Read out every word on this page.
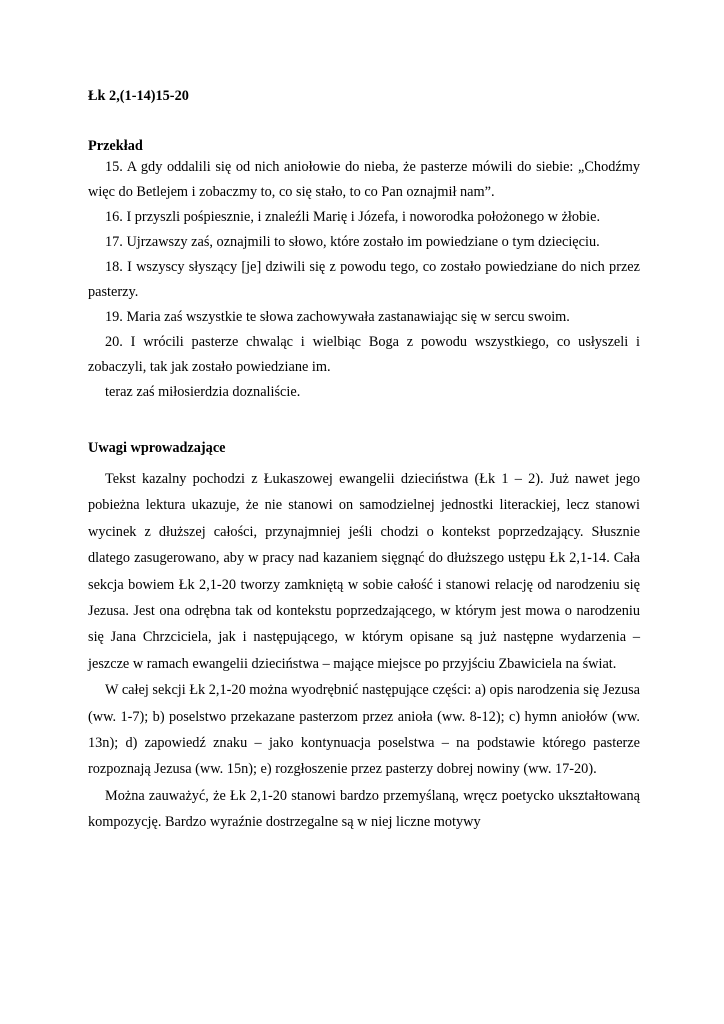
Łk 2,(1-14)15-20
Przekład

15. A gdy oddalili się od nich aniołowie do nieba, że pasterze mówili do siebie: „Chodźmy więc do Betlejem i zobaczmy to, co się stało, to co Pan oznajmił nam”.

16. I przyszli pośpiesznie, i znaleźli Marię i Józefa, i noworodka położonego w żłobie.

17. Ujrzawszy zaś, oznajmili to słowo, które zostało im powiedziane o tym dziecięciu.

18. I wszyscy słyszący [je] dziwili się z powodu tego, co zostało powiedziane do nich przez pasterzy.

19. Maria zaś wszystkie te słowa zachowywała zastanawiając się w sercu swoim.

20. I wrócili pasterze chwaląc i wielbiąc Boga z powodu wszystkiego, co usłyszeli i zobaczyli, tak jak zostało powiedziane im.

teraz zaś miłosierdzia doznaliście.

Uwagi wprowadzające

Tekst kazalny pochodzi z Łukaszowej ewangelii dzieciństwa (Łk 1 – 2). Już nawet jego pobieżna lektura ukazuje, że nie stanowi on samodzielnej jednostki literackiej, lecz stanowi wycinek z dłuższej całości, przynajmniej jeśli chodzi o kontekst poprzedzający. Słusznie dlatego zasugerowano, aby w pracy nad kazaniem sięgnąć do dłuższego ustępu Łk 2,1-14. Cała sekcja bowiem Łk 2,1-20 tworzy zamkniętą w sobie całość i stanowi relację od narodzeniu się Jezusa. Jest ona odrębna tak od kontekstu poprzedzającego, w którym jest mowa o narodzeniu się Jana Chrzciciela, jak i następującego, w którym opisane są już następne wydarzenia – jeszcze w ramach ewangelii dzieciństwa – mające miejsce po przyjściu Zbawiciela na świat.

W całej sekcji Łk 2,1-20 można wyodrębnić następujące części: a) opis narodzenia się Jezusa (ww. 1-7); b) poselstwo przekazane pasterzom przez anioła (ww. 8-12); c) hymn aniołów (ww. 13n); d) zapowiedź znaku – jako kontynuacja poselstwa – na podstawie którego pasterze rozpoznają Jezusa (ww. 15n); e) rozgłoszenie przez pasterzy dobrej nowiny (ww. 17-20).

Można zauważyć, że Łk 2,1-20 stanowi bardzo przemyślaną, wręcz poetycko ukształtowaną kompozycję. Bardzo wyraźnie dostrzegalne są w niej liczne motywy
